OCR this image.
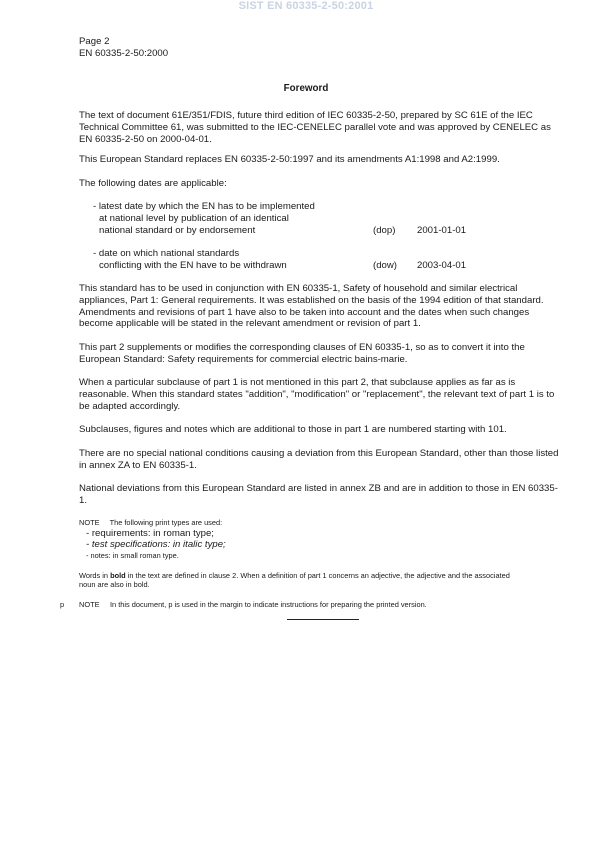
SIST EN 60335-2-50:2001
Page 2
EN 60335-2-50:2000
Foreword

The text of document 61E/351/FDIS, future third edition of IEC 60335-2-50, prepared by SC 61E of the IEC Technical Committee 61, was submitted to the IEC-CENELEC parallel vote and was approved by CENELEC as EN 60335-2-50 on 2000-04-01.

This European Standard replaces EN 60335-2-50:1997 and its amendments A1:1998 and A2:1999.

The following dates are applicable:

- latest date by which the EN has to be implemented
at national level by publication of an identical
national standard or by endorsement	(dop) 2001-01-01
- date on which national standards
conflicting with the EN have to be withdrawn	(dow) 2003-04-01

This standard has to be used in conjunction with EN 60335-1, Safety of household and similar electrical appliances, Part 1: General requirements. It was established on the basis of the 1994 edition of that standard. Amendments and revisions of part 1 have also to be taken into account and the dates when such changes become applicable will be stated in the relevant amendment or revision of part 1.

This part 2 supplements or modifies the corresponding clauses of EN 60335-1, so as to convert it into the European Standard: Safety requirements for commercial electric bains-marie.

When a particular subclause of part 1 is not mentioned in this part 2, that subclause applies as far as is reasonable. When this standard states "addition", "modification" or "replacement", the relevant text of part 1 is to be adapted accordingly.

Subclauses, figures and notes which are additional to those in part 1 are numbered starting with 101.

There are no special national conditions causing a deviation from this European Standard, other than those listed in annex ZA to EN 60335-1.

National deviations from this European Standard are listed in annex ZB and are in addition to those in EN 60335-1.

NOTE The following print types are used:
- requirements: in roman type;
- test specifications: in italic type;
- notes: in small roman type.
Words in bold in the text are defined in clause 2. When a definition of part 1 concerns an adjective, the adjective and the associated
noun are also in bold.
p NOTE In this document, p is used in the margin to indicate instructions for preparing the printed version.
